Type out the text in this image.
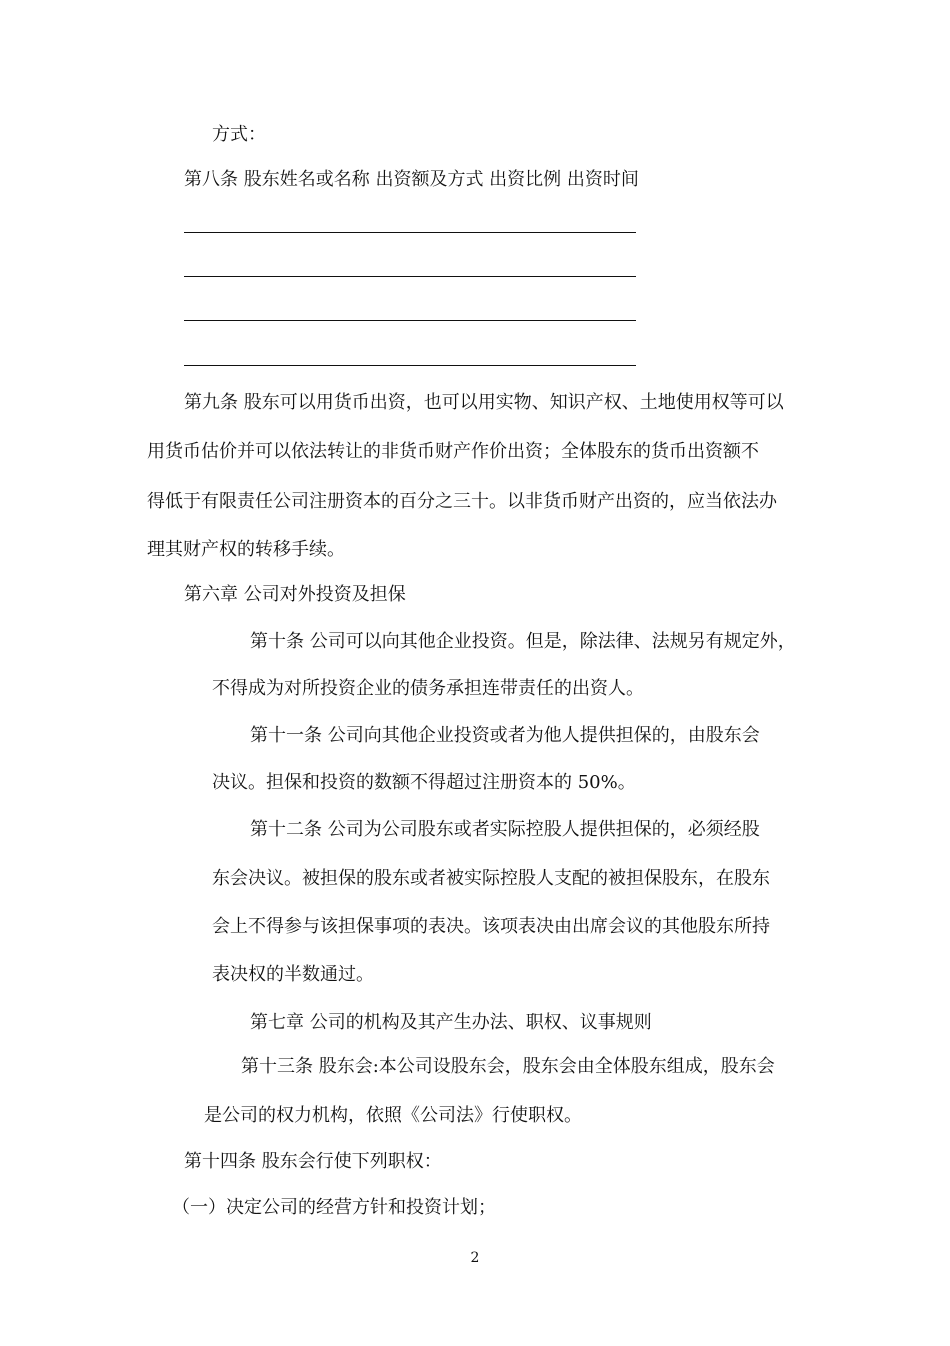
方式：
第八条 股东姓名或名称 出资额及方式 出资比例 出资时间
第九条 股东可以用货币出资，也可以用实物、知识产权、土地使用权等可以
用货币估价并可以依法转让的非货币财产作价出资；全体股东的货币出资额不
得低于有限责任公司注册资本的百分之三十。以非货币财产出资的，应当依法办
理其财产权的转移手续。
第六章 公司对外投资及担保
第十条 公司可以向其他企业投资。但是，除法律、法规另有规定外，
不得成为对所投资企业的债务承担连带责任的出资人。
第十一条 公司向其他企业投资或者为他人提供担保的，由股东会
决议。担保和投资的数额不得超过注册资本的 50%。
第十二条 公司为公司股东或者实际控股人提供担保的，必须经股
东会决议。被担保的股东或者被实际控股人支配的被担保股东，在股东
会上不得参与该担保事项的表决。该项表决由出席会议的其他股东所持
表决权的半数通过。
第七章 公司的机构及其产生办法、职权、议事规则
第十三条 股东会:本公司设股东会，股东会由全体股东组成，股东会
是公司的权力机构，依照《公司法》行使职权。
第十四条 股东会行使下列职权：
（一）决定公司的经营方针和投资计划；
2
